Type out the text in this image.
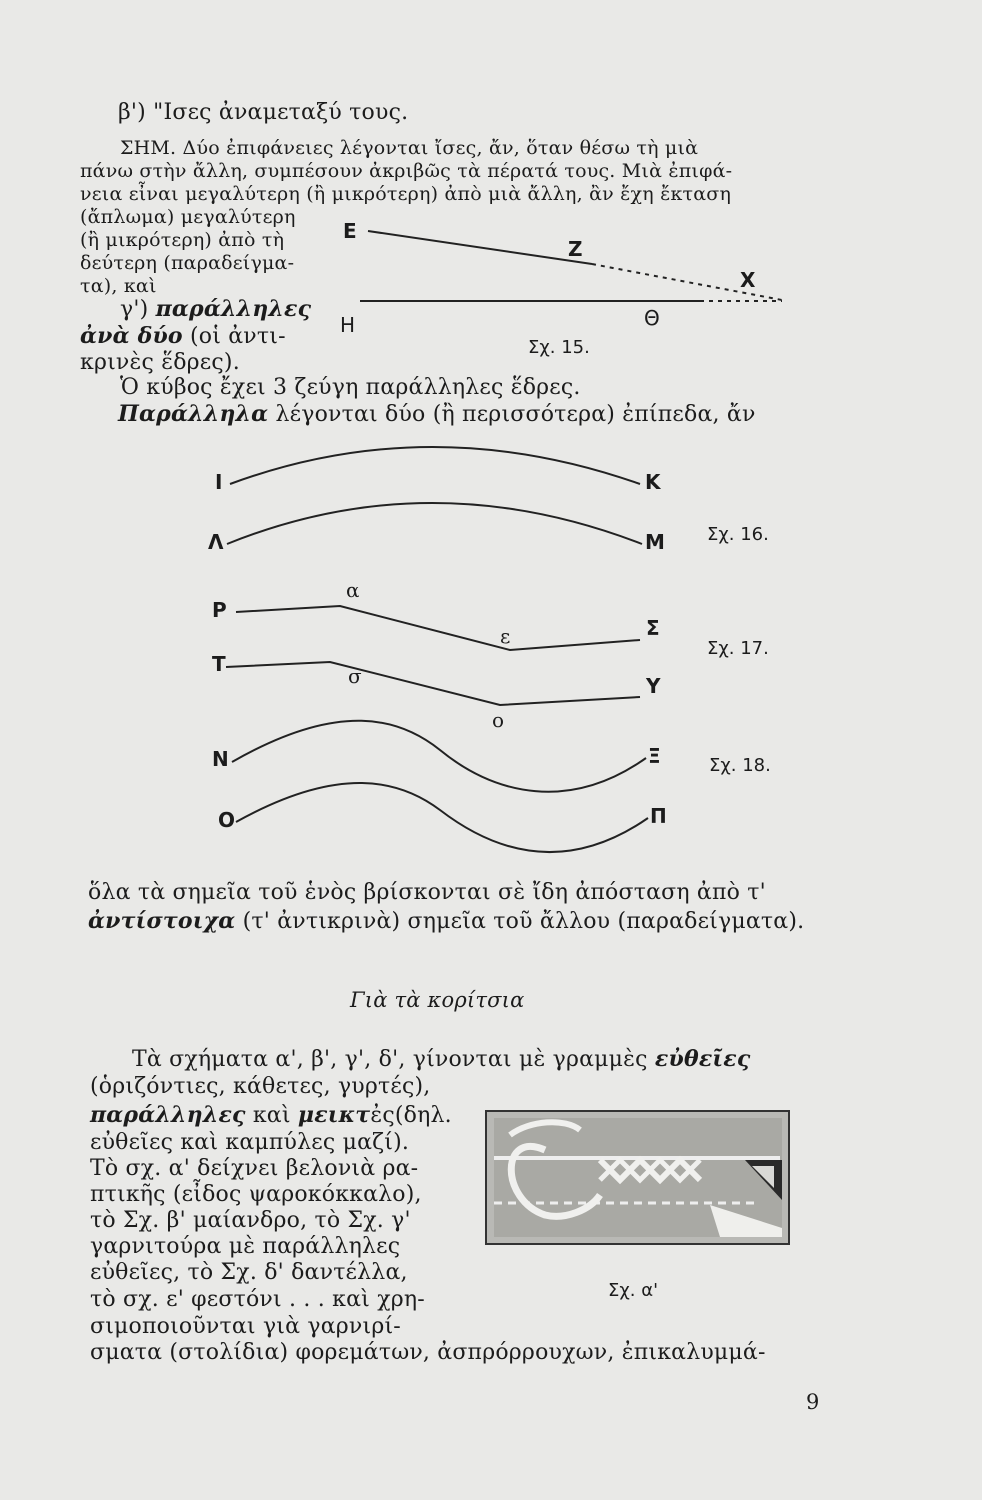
β') "Ισες ἀναμεταξύ τους.
ΣΗΜ. Δύο ἐπιφάνειες λέγονται ἴσες, ἄν, ὅταν θέσω τὴ μιὰ
πάνω στὴν ἄλλη, συμπέσουν ἀκριβῶς τὰ πέρατά τους. Μιὰ ἐπιφά-
νεια εἶναι μεγαλύτερη (ἢ μικρότερη) ἀπὸ μιὰ ἄλλη, ἂν ἔχη ἔκταση
(ἄπλωμα) μεγαλύτερη
(ἢ μικρότερη) ἀπὸ τὴ
δεύτερη (παραδείγμα-
τα), καὶ
γ') παράλληλες
ἀνὰ δύο (οἱ ἀντι-
κρινὲς ἕδρες).
Ὁ κύβος ἔχει 3 ζεύγη παράλληλες ἕδρες.
Παράλληλα λέγονται δύο (ἢ περισσότερα) ἐπίπεδα, ἄν
E
Z
X
H	Θ
Σχ. 15.
I	K
Λ	M Σχ. 16.
P
α
ε	Σ
T	σ	Y
ο
Σχ. 17.
N	Ξ
O	Π
Σχ. 18.
ὅλα τὰ σημεῖα τοῦ ἑνὸς βρίσκονται σὲ ἴδη ἀπόσταση ἀπὸ τ'
ἀντίστοιχα (τ' ἀντικρινὰ) σημεῖα τοῦ ἄλλου (παραδείγματα).
Γιὰ τὰ κορίτσια
Τὰ σχήματα α', β', γ', δ', γίνονται μὲ γραμμὲς εὐθεῖες
(ὁριζόντιες, κάθετες, γυρτές),
παράλληλες καὶ μεικτἐς(δηλ.
εὐθεῖες καὶ καμπύλες μαζί).
Τὸ σχ. α' δείχνει βελονιὰ ρα-
πτικῆς (εἶδος ψαροκόκκαλο),
τὸ Σχ. β' μαίανδρο, τὸ Σχ. γ'
γαρνιτούρα μὲ παράλληλες
εὐθεῖες, τὸ Σχ. δ' δαντέλλα,
τὸ σχ. ε' φεστόνι . . . καὶ χρη-
σιμοποιοῦνται γιὰ γαρνιρί-
σματα (στολίδια) φορεμάτων, ἀσπρόρρουχων, ἐπικαλυμμά-
Σχ. α'
9
